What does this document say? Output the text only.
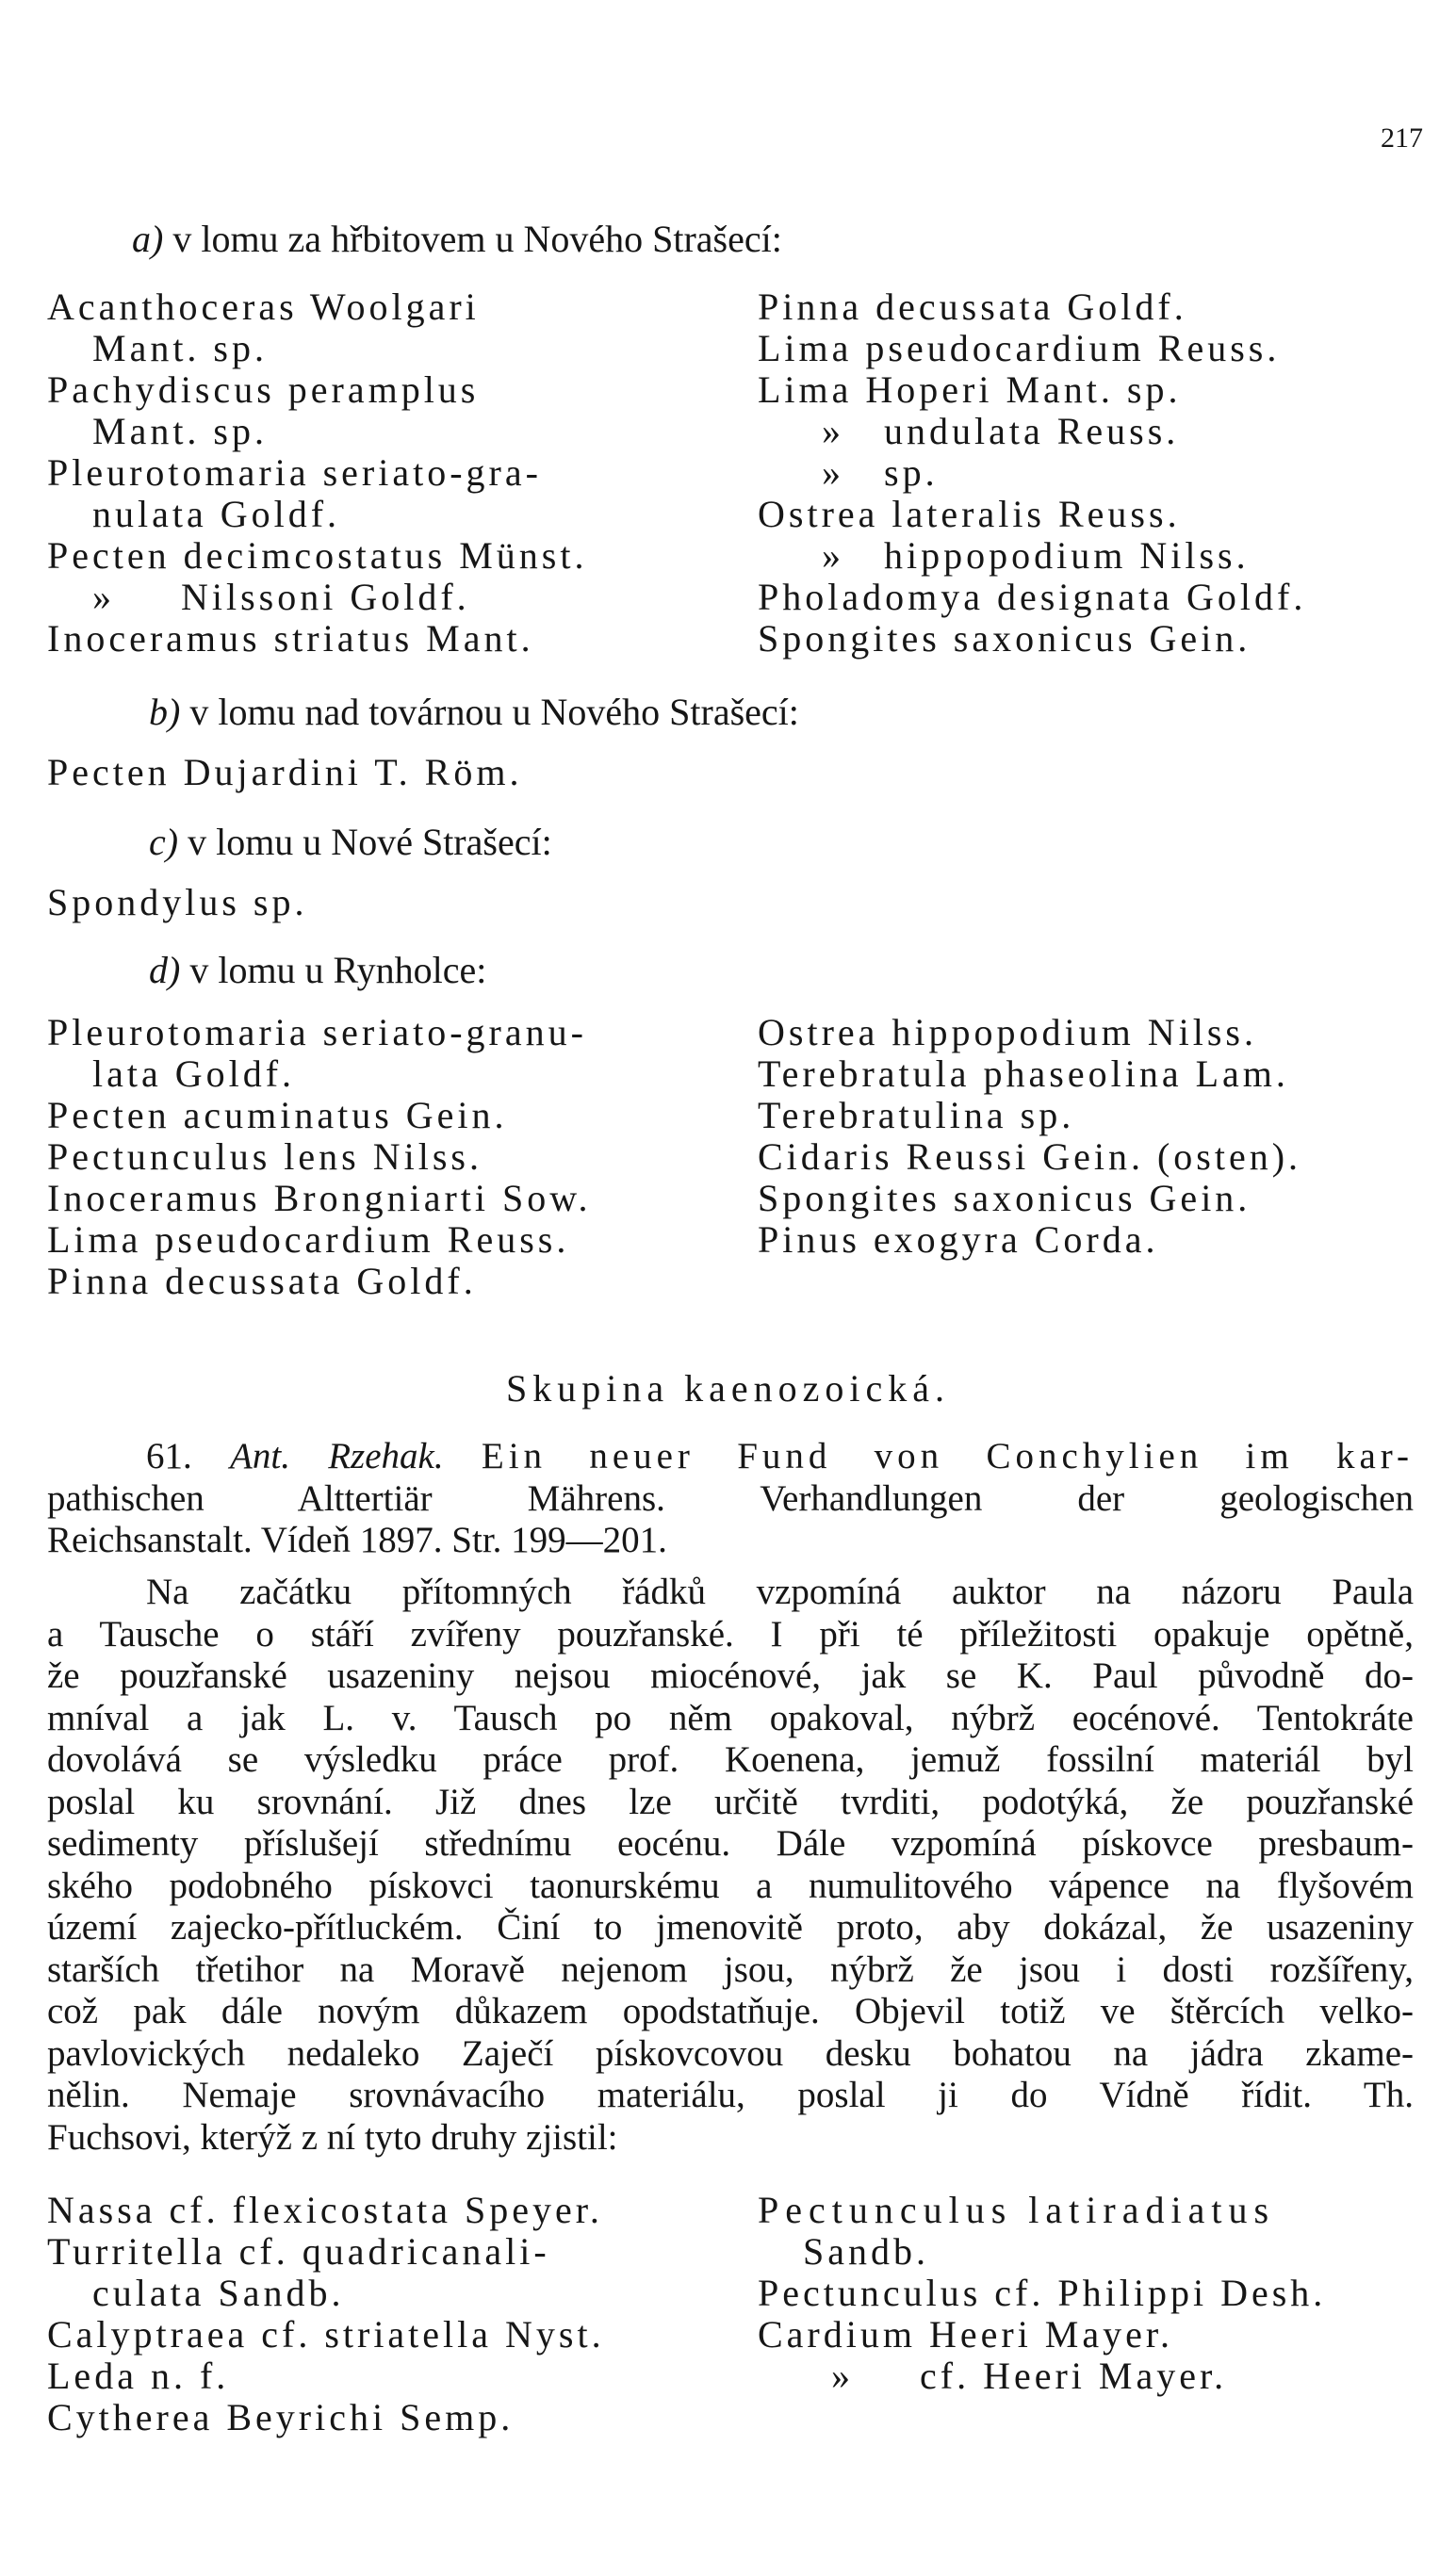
217
a) v lomu za hřbitovem u Nového Strašecí:
Acanthoceras Woolgari
Mant. sp.
Pachydiscus peramplus
Mant. sp.
Pleurotomaria seriato-gra-
nulata Goldf.
Pecten decimcostatus Münst.
»     Nilssoni Goldf.
Inoceramus striatus Mant.
Pinna decussata Goldf.
Lima pseudocardium Reuss.
Lima Hoperi Mant. sp.
»   undulata Reuss.
»   sp.
Ostrea lateralis Reuss.
»   hippopodium Nilss.
Pholadomya designata Goldf.
Spongites saxonicus Gein.
b) v lomu nad továrnou u Nového Strašecí:
Pecten Dujardini T. Röm.
c) v lomu u Nové Strašecí:
Spondylus sp.
d) v lomu u Rynholce:
Pleurotomaria seriato-granu-
lata Goldf.
Pecten acuminatus Gein.
Pectunculus lens Nilss.
Inoceramus Brongniarti Sow.
Lima pseudocardium Reuss.
Pinna decussata Goldf.
Ostrea hippopodium Nilss.
Terebratula phaseolina Lam.
Terebratulina sp.
Cidaris Reussi Gein. (osten).
Spongites saxonicus Gein.
Pinus exogyra Corda.
Skupina kaenozoická.
61. Ant. Rzehak. Ein neuer Fund von Conchylien im kar-
pathischen Alttertiär Mährens. Verhandlungen der geologischen
Reichsanstalt. Vídeň 1897. Str. 199—201.
Na začátku přítomných řádků vzpomíná auktor na názoru Paula
a Tausche o stáří zvířeny pouzřanské. I při té příležitosti opakuje opětně,
že pouzřanské usazeniny nejsou miocénové, jak se K. Paul původně do-
mníval a jak L. v. Tausch po něm opakoval, nýbrž eocénové. Tentokráte
dovolává se výsledku práce prof. Koenena, jemuž fossilní materiál byl
poslal ku srovnání. Již dnes lze určitě tvrditi, podotýká, že pouzřanské
sedimenty příslušejí střednímu eocénu. Dále vzpomíná pískovce presbaum-
ského podobného pískovci taonurskému a numulitového vápence na flyšovém
území zajecko-přítluckém. Činí to jmenovitě proto, aby dokázal, že usazeniny
starších třetihor na Moravě nejenom jsou, nýbrž že jsou i dosti rozšířeny,
což pak dále novým důkazem opodstatňuje. Objevil totiž ve štěrcích velko-
pavlovických nedaleko Zaječí pískovcovou desku bohatou na jádra zkame-
nělin. Nemaje srovnávacího materiálu, poslal ji do Vídně řídit. Th.
Fuchsovi, kterýž z ní tyto druhy zjistil:
Nassa cf. flexicostata Speyer.
Turritella cf. quadricanali-
culata Sandb.
Calyptraea cf. striatella Nyst.
Leda n. f.
Cytherea Beyrichi Semp.
Pectunculus latiradiatus
Sandb.
Pectunculus cf. Philippi Desh.
Cardium Heeri Mayer.
»     cf. Heeri Mayer.
